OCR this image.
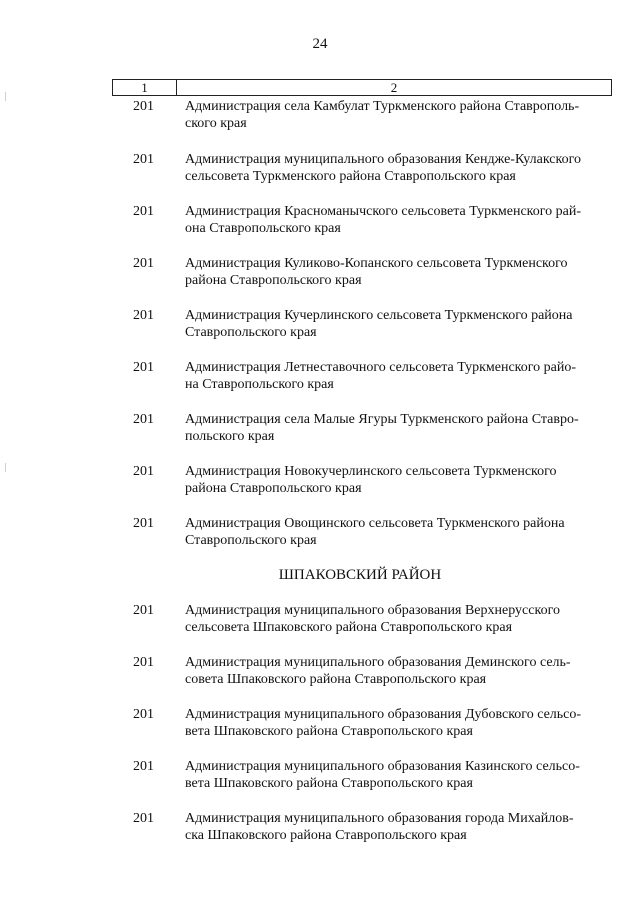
24
1	2
201	Администрация села Камбулат Туркменского района Ставрополь-
ского края
201	Администрация муниципального образования Кендже-Кулакского
сельсовета Туркменского района Ставропольского края
201	Администрация Красноманычского сельсовета Туркменского рай-
она Ставропольского края
201	Администрация Куликово-Копанского сельсовета Туркменского
района Ставропольского края
201	Администрация Кучерлинского сельсовета Туркменского района
Ставропольского края
201	Администрация Летнеставочного сельсовета Туркменского райо-
на Ставропольского края
201	Администрация села Малые Ягуры Туркменского района Ставро-
польского края
201	Администрация Новокучерлинского сельсовета Туркменского
района Ставропольского края
201	Администрация Овощинского сельсовета Туркменского района
Ставропольского края
ШПАКОВСКИЙ РАЙОН
201	Администрация муниципального образования Верхнерусского
сельсовета Шпаковского района Ставропольского края
201	Администрация муниципального образования Деминского сель-
совета Шпаковского района Ставропольского края
201	Администрация муниципального образования Дубовского сельсо-
вета Шпаковского района Ставропольского края
201	Администрация муниципального образования Казинского сельсо-
вета Шпаковского района Ставропольского края
201	Администрация муниципального образования города Михайлов-
ска Шпаковского района Ставропольского края
